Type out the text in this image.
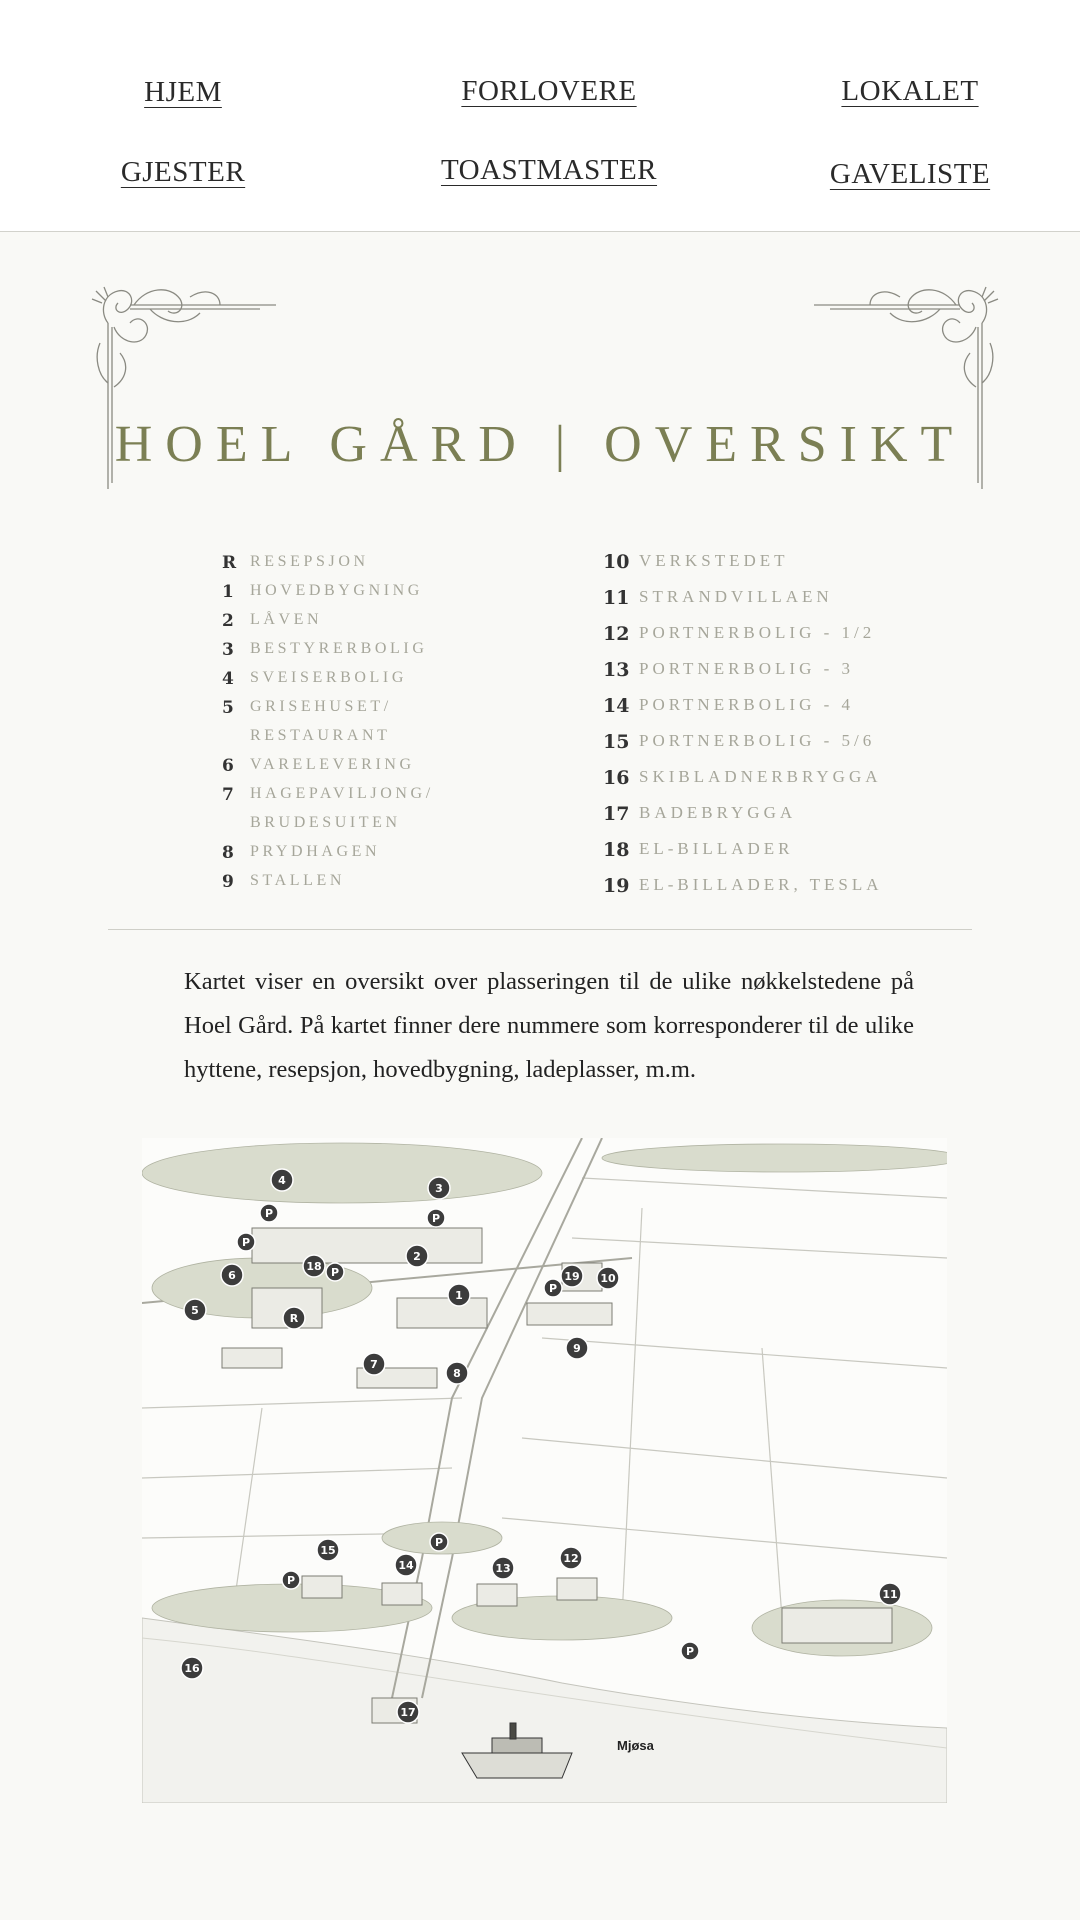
HJEM	FORLOVERE	LOKALET
GJESTER	TOASTMASTER	GAVELISTE
HOEL GÅRD | OVERSIKT
R RESEPSJON
1 HOVEDBYGNING
2 LÅVEN
3 BESTYRERBOLIG
4 SVEISERBOLIG
5 GRISEHUSET/
RESTAURANT
6 VARELEVERING
7 HAGEPAVILJONG/
BRUDESUITEN
8 PRYDHAGEN
9 STALLEN
10 VERKSTEDET
11 STRANDVILLAEN
12 PORTNERBOLIG - 1/2
13 PORTNERBOLIG - 3
14 PORTNERBOLIG - 4
15 PORTNERBOLIG - 5/6
16 SKIBLADNERBRYGGA
17 BADEBRYGGA
18 EL-BILLADER
19 EL-BILLADER, TESLA

Kartet viser en oversikt over plasseringen til de ulike nøkkelstedene på Hoel Gård. På kartet finner dere nummere som korresponderer til de ulike hyttene, resepsjon, hovedbygning, ladeplasser, m.m.

Mjøsa
R
1
2
3
4
5
6
7
8
9
10
11
12
13
14
15
16
17
18
19
P
P
P
P
P
P
P
P
